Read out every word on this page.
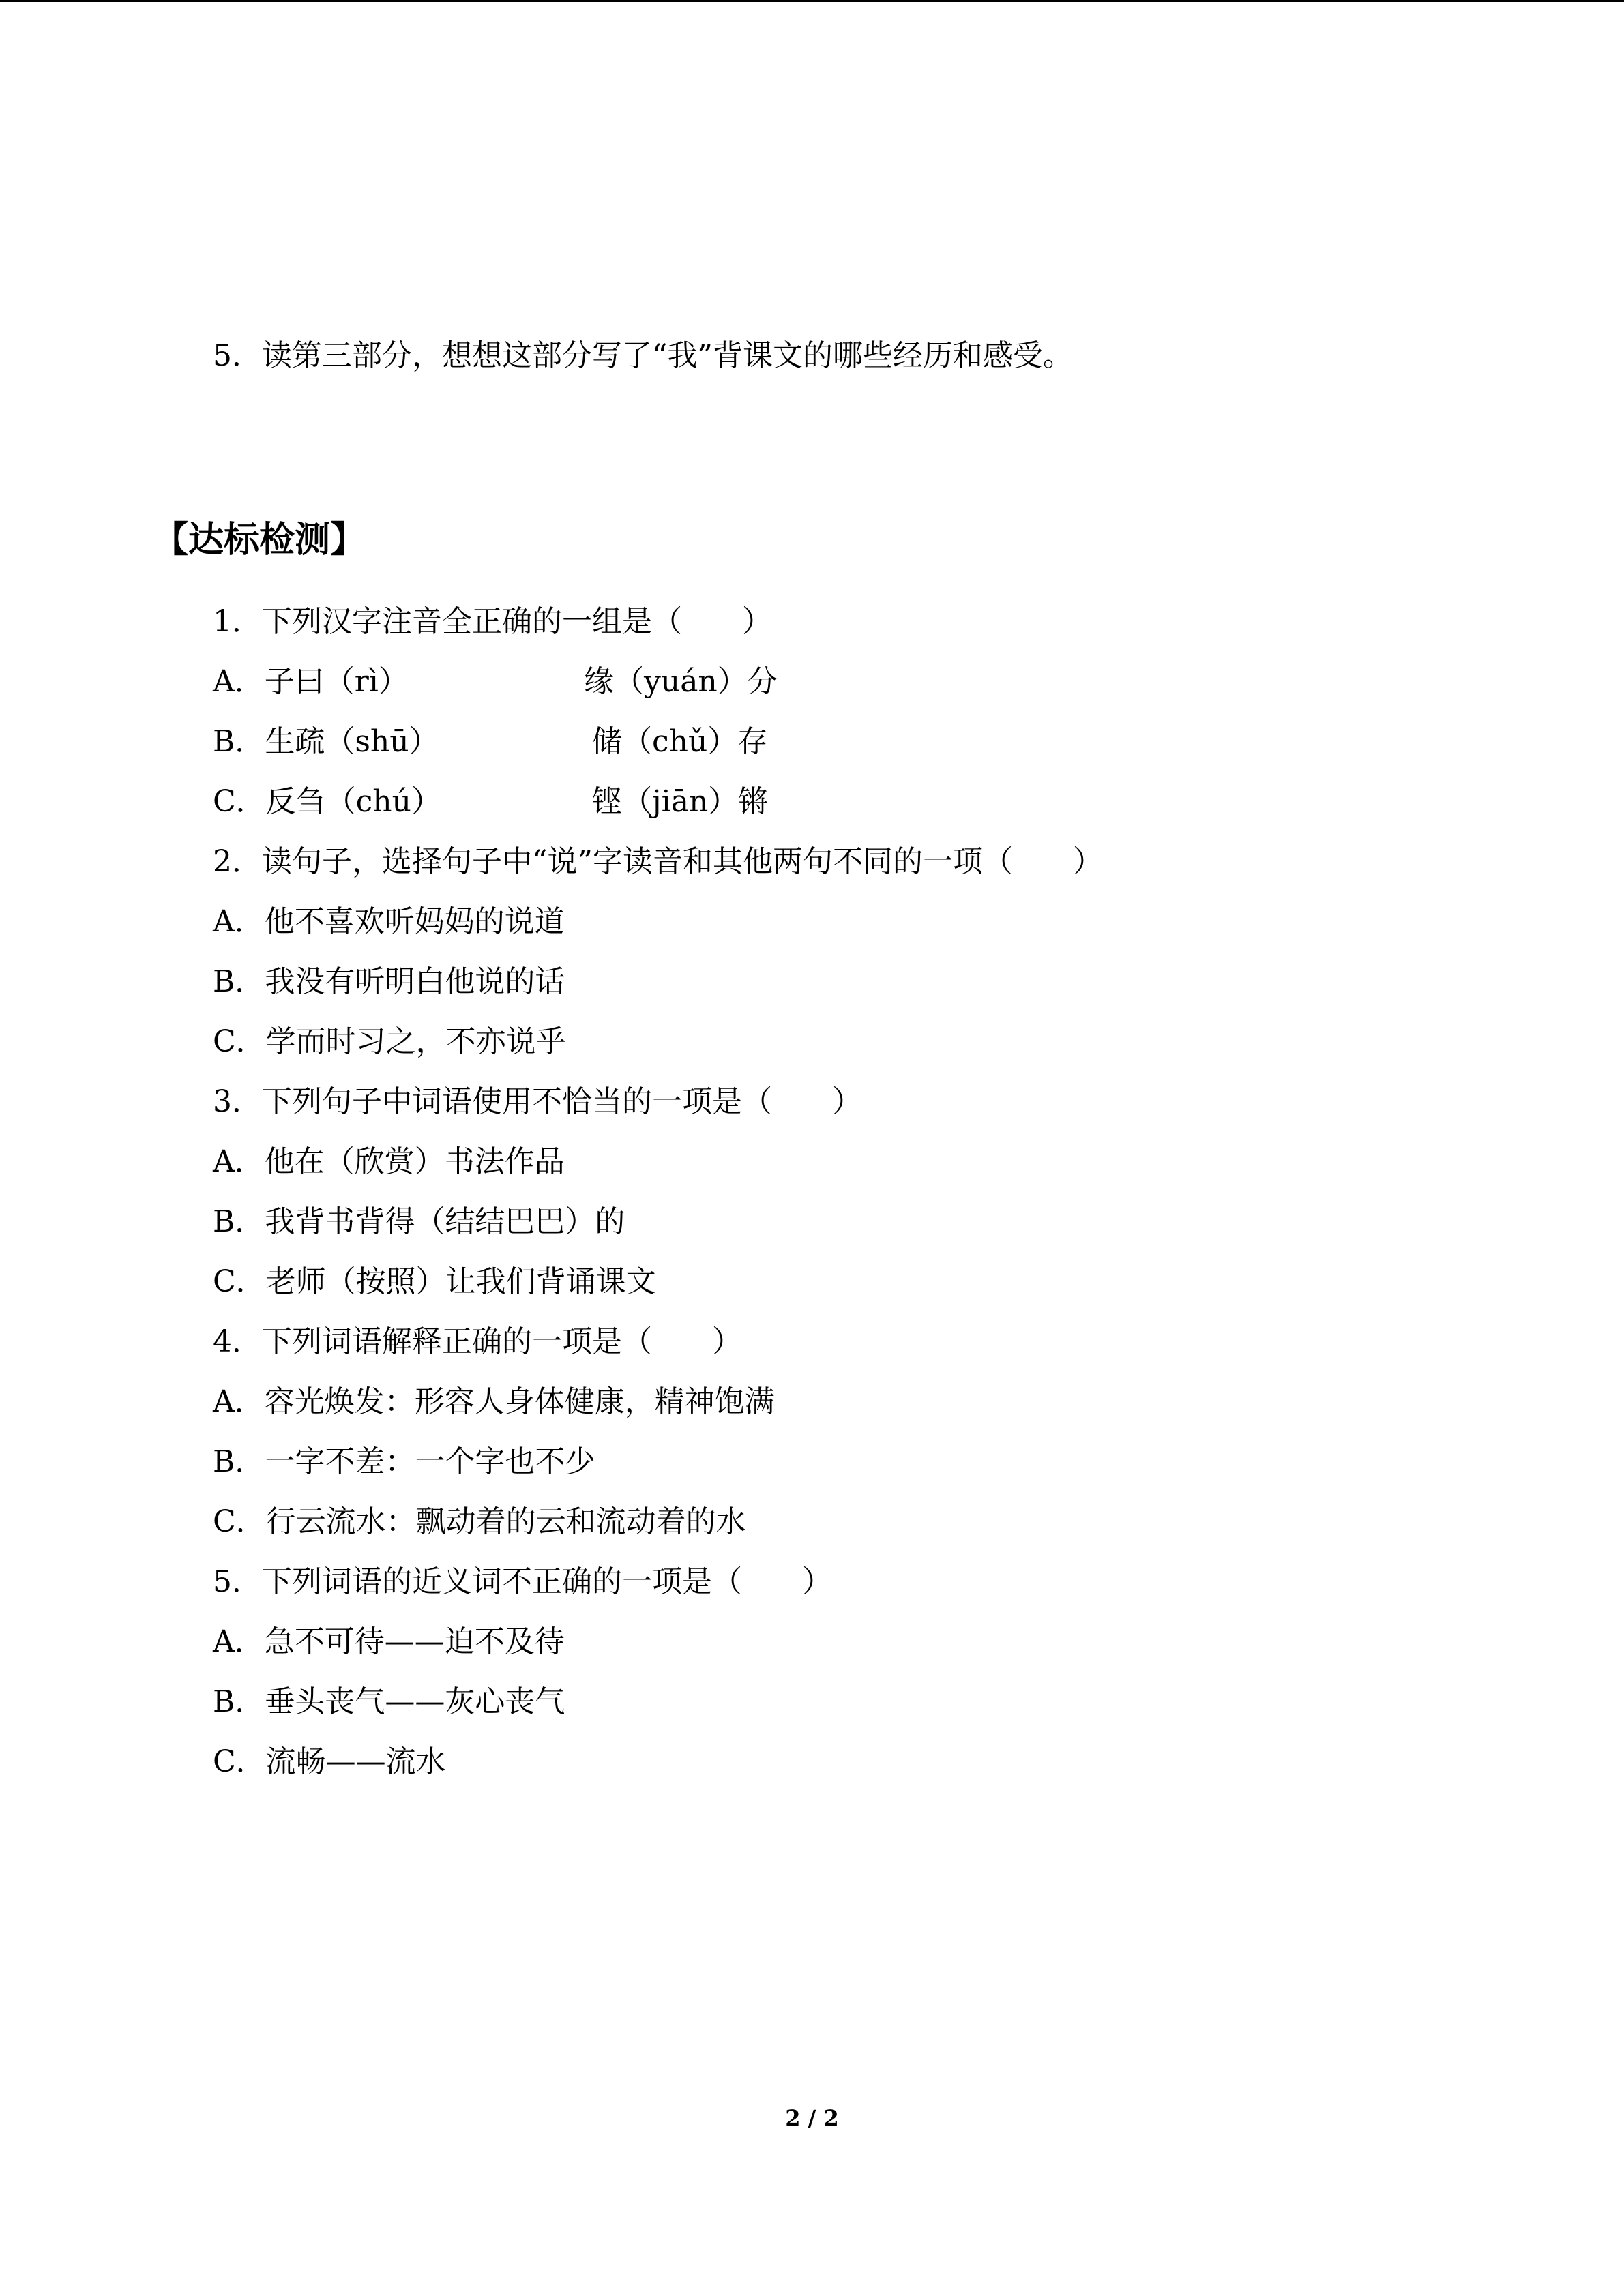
5．读第三部分，想想这部分写了“我”背课文的哪些经历和感受。
【达标检测】
1．下列汉字注音全正确的一组是（　　）
A．子曰（rì）	缘（yuán）分
B．生疏（shū）	储（chǔ）存
C．反刍（chú）	铿（jiān）锵
2．读句子，选择句子中“说”字读音和其他两句不同的一项（　　）
A．他不喜欢听妈妈的说道
B．我没有听明白他说的话
C．学而时习之，不亦说乎
3．下列句子中词语使用不恰当的一项是（　　）
A．他在（欣赏）书法作品
B．我背书背得（结结巴巴）的
C．老师（按照）让我们背诵课文
4．下列词语解释正确的一项是（　　）
A．容光焕发：形容人身体健康，精神饱满
B．一字不差：一个字也不少
C．行云流水：飘动着的云和流动着的水
5．下列词语的近义词不正确的一项是（　　）
A．急不可待——迫不及待
B．垂头丧气——灰心丧气
C．流畅——流水
2 / 2
